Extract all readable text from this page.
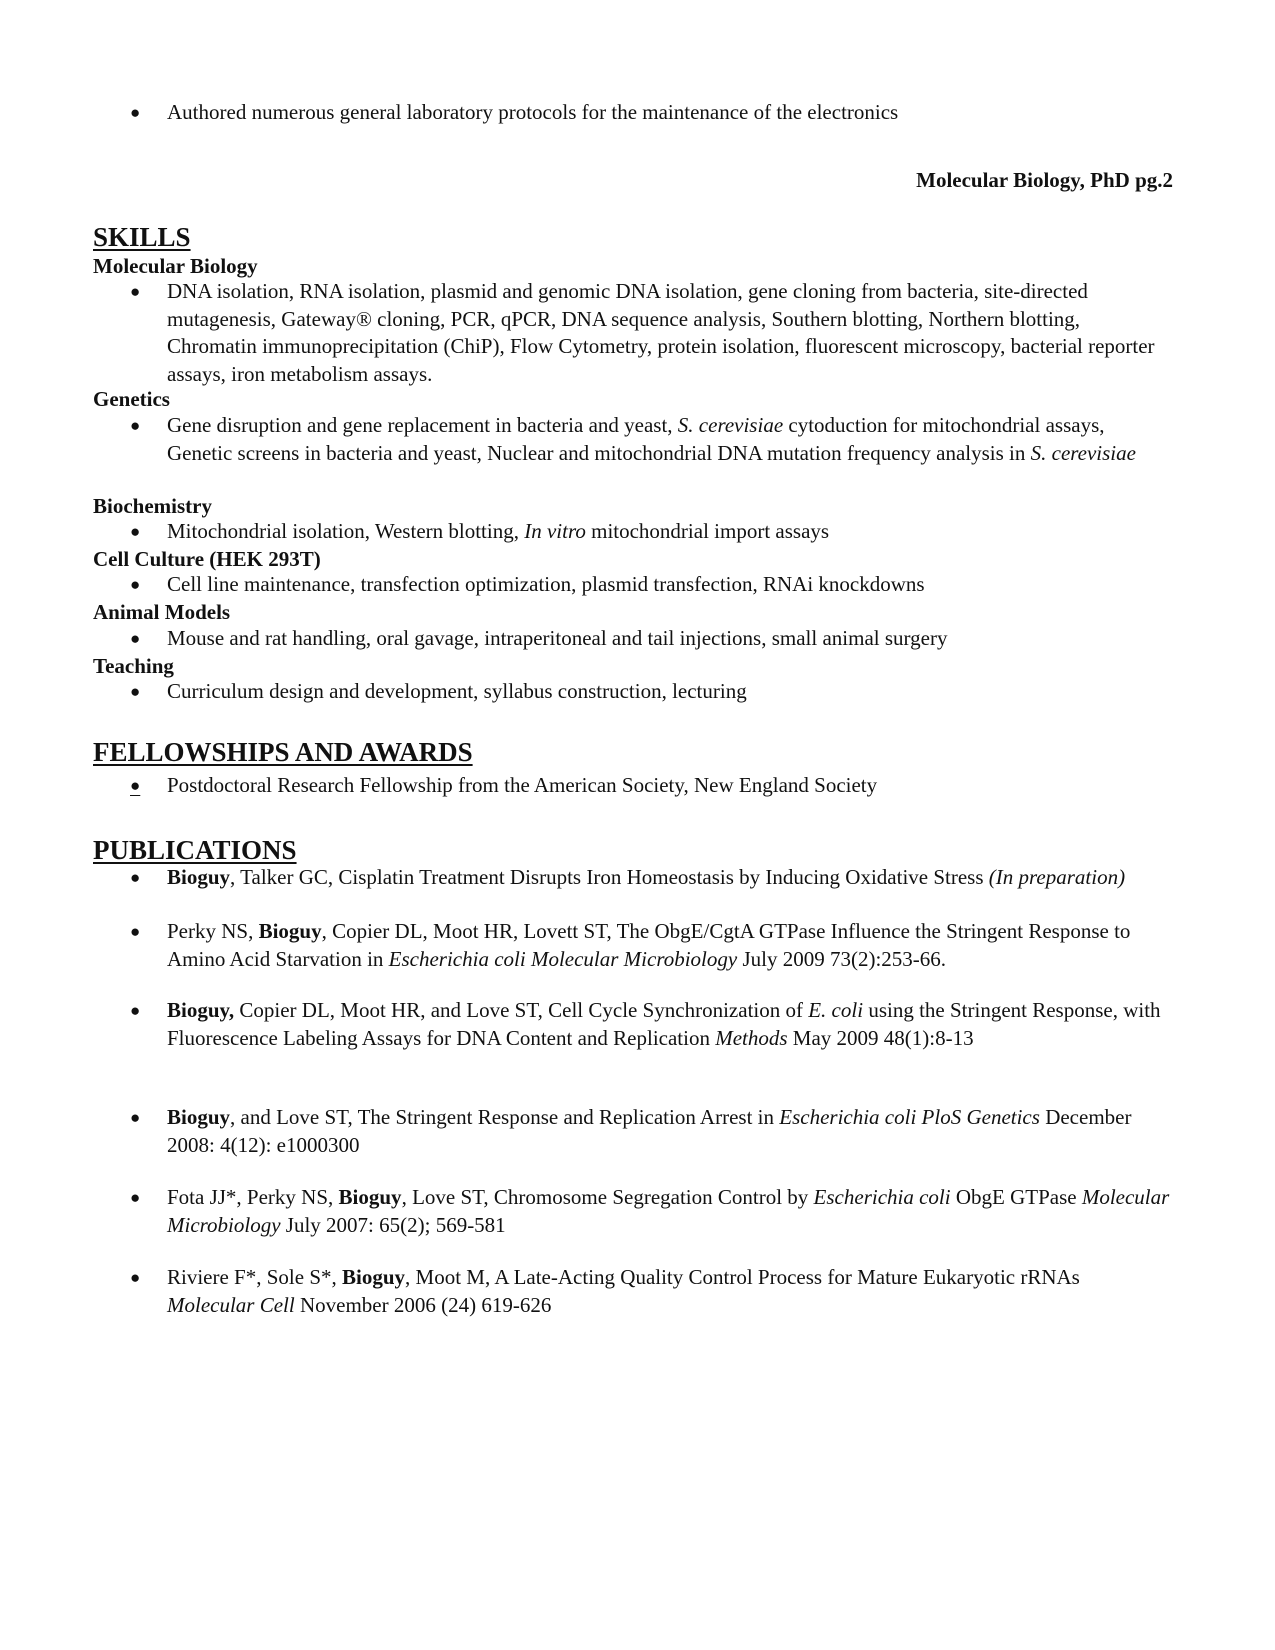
●	Authored numerous general laboratory protocols for the maintenance of the electronics
Molecular Biology, PhD pg.2
SKILLS
Molecular Biology
●	DNA isolation, RNA isolation, plasmid and genomic DNA isolation, gene cloning from bacteria, site-directed mutagenesis, Gateway® cloning, PCR, qPCR, DNA sequence analysis, Southern blotting, Northern blotting, Chromatin immunoprecipitation (ChiP), Flow Cytometry, protein isolation, fluorescent microscopy, bacterial reporter assays, iron metabolism assays.
Genetics
●	Gene disruption and gene replacement in bacteria and yeast, S. cerevisiae cytoduction for mitochondrial assays, Genetic screens in bacteria and yeast, Nuclear and mitochondrial DNA mutation frequency analysis in S. cerevisiae
Biochemistry
●	Mitochondrial isolation, Western blotting, In vitro mitochondrial import assays
Cell Culture (HEK 293T)
●	Cell line maintenance, transfection optimization, plasmid transfection, RNAi knockdowns
Animal Models
●	Mouse and rat handling, oral gavage, intraperitoneal and tail injections, small animal surgery
Teaching
●	Curriculum design and development, syllabus construction, lecturing
FELLOWSHIPS AND AWARDS
●	Postdoctoral Research Fellowship from the American Society, New England Society
PUBLICATIONS
●	Bioguy, Talker GC, Cisplatin Treatment Disrupts Iron Homeostasis by Inducing Oxidative Stress (In preparation)
●	Perky NS, Bioguy, Copier DL, Moot HR, Lovett ST, The ObgE/CgtA GTPase Influence the Stringent Response to Amino Acid Starvation in Escherichia coli Molecular Microbiology July 2009 73(2):253-66.
●	Bioguy, Copier DL, Moot HR, and Love ST, Cell Cycle Synchronization of E. coli using the Stringent Response, with Fluorescence Labeling Assays for DNA Content and Replication Methods May 2009 48(1):8-13
●	Bioguy, and Love ST, The Stringent Response and Replication Arrest in Escherichia coli PloS Genetics December 2008: 4(12): e1000300
●	Fota JJ*, Perky NS, Bioguy, Love ST, Chromosome Segregation Control by Escherichia coli ObgE GTPase Molecular Microbiology July 2007: 65(2); 569-581
●	Riviere F*, Sole S*, Bioguy, Moot M, A Late-Acting Quality Control Process for Mature Eukaryotic rRNAs Molecular Cell November 2006 (24) 619-626
